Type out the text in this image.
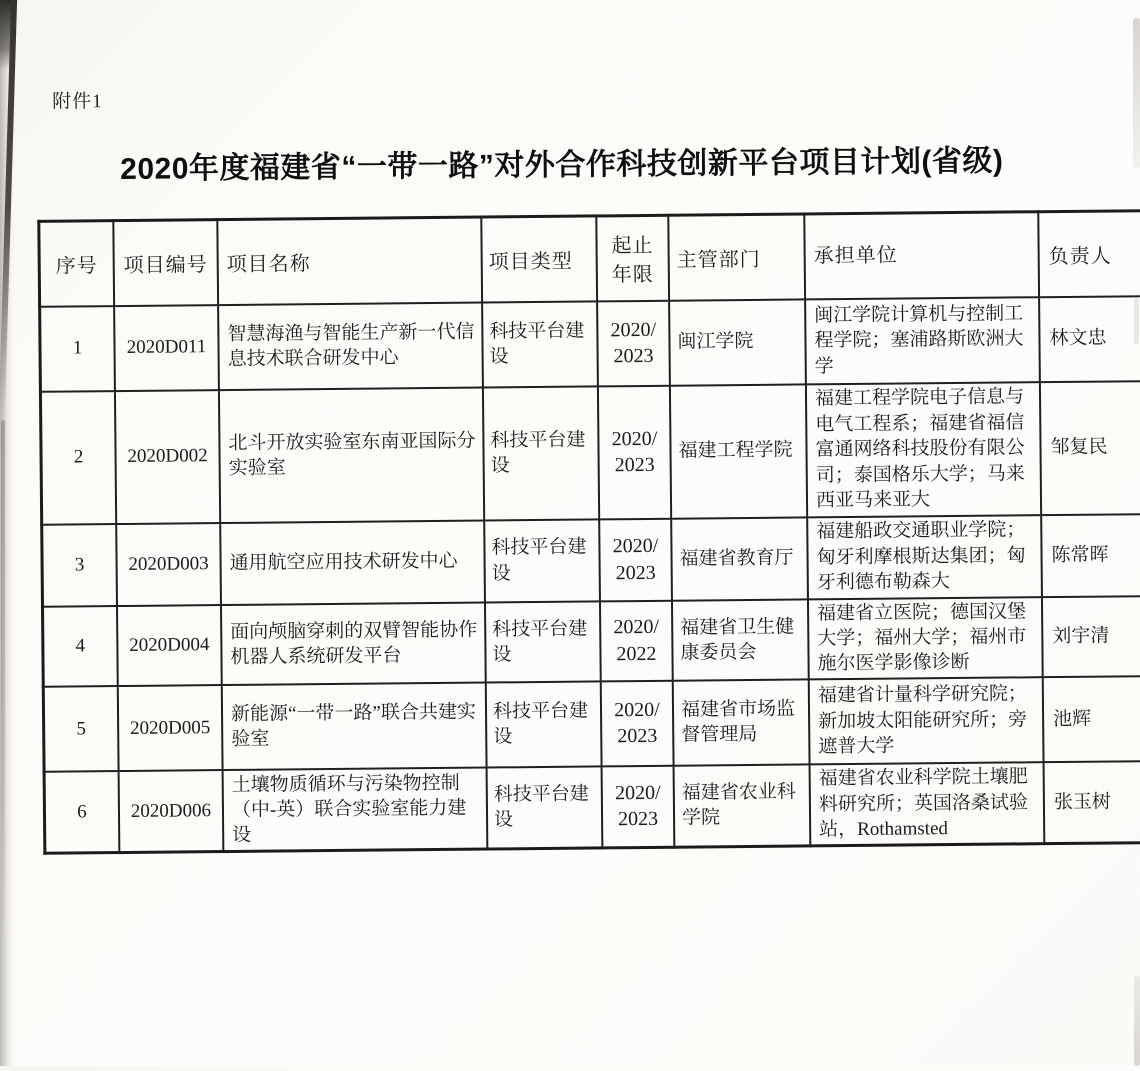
附件1
2020年度福建省“一带一路”对外合作科技创新平台项目计划(省级)
序号	项目编号	项目名称	项目类型	起止
年限	主管部门	承担单位	负责人
1	2020D011	智慧海渔与智能生产新一代信息技术联合研发中心	科技平台建设	2020/
2023	闽江学院	闽江学院计算机与控制工程学院；塞浦路斯欧洲大学	林文忠
2	2020D002	北斗开放实验室东南亚国际分实验室	科技平台建设	2020/
2023	福建工程学院	福建工程学院电子信息与电气工程系；福建省福信富通网络科技股份有限公司；泰国格乐大学；马来西亚马来亚大	邹复民
3	2020D003	通用航空应用技术研发中心	科技平台建设	2020/
2023	福建省教育厅	福建船政交通职业学院；匈牙利摩根斯达集团；匈牙利德布勒森大	陈常晖
4	2020D004	面向颅脑穿刺的双臂智能协作机器人系统研发平台	科技平台建设	2020/
2022	福建省卫生健康委员会	福建省立医院；德国汉堡大学；福州大学；福州市施尔医学影像诊断	刘宇清
5	2020D005	新能源“一带一路”联合共建实验室	科技平台建设	2020/
2023	福建省市场监督管理局	福建省计量科学研究院；新加坡太阳能研究所；旁遮普大学	池辉
6	2020D006	土壤物质循环与污染物控制（中-英）联合实验室能力建设	科技平台建设	2020/
2023	福建省农业科学院	福建省农业科学院土壤肥料研究所；英国洛桑试验站，Rothamsted	张玉树
